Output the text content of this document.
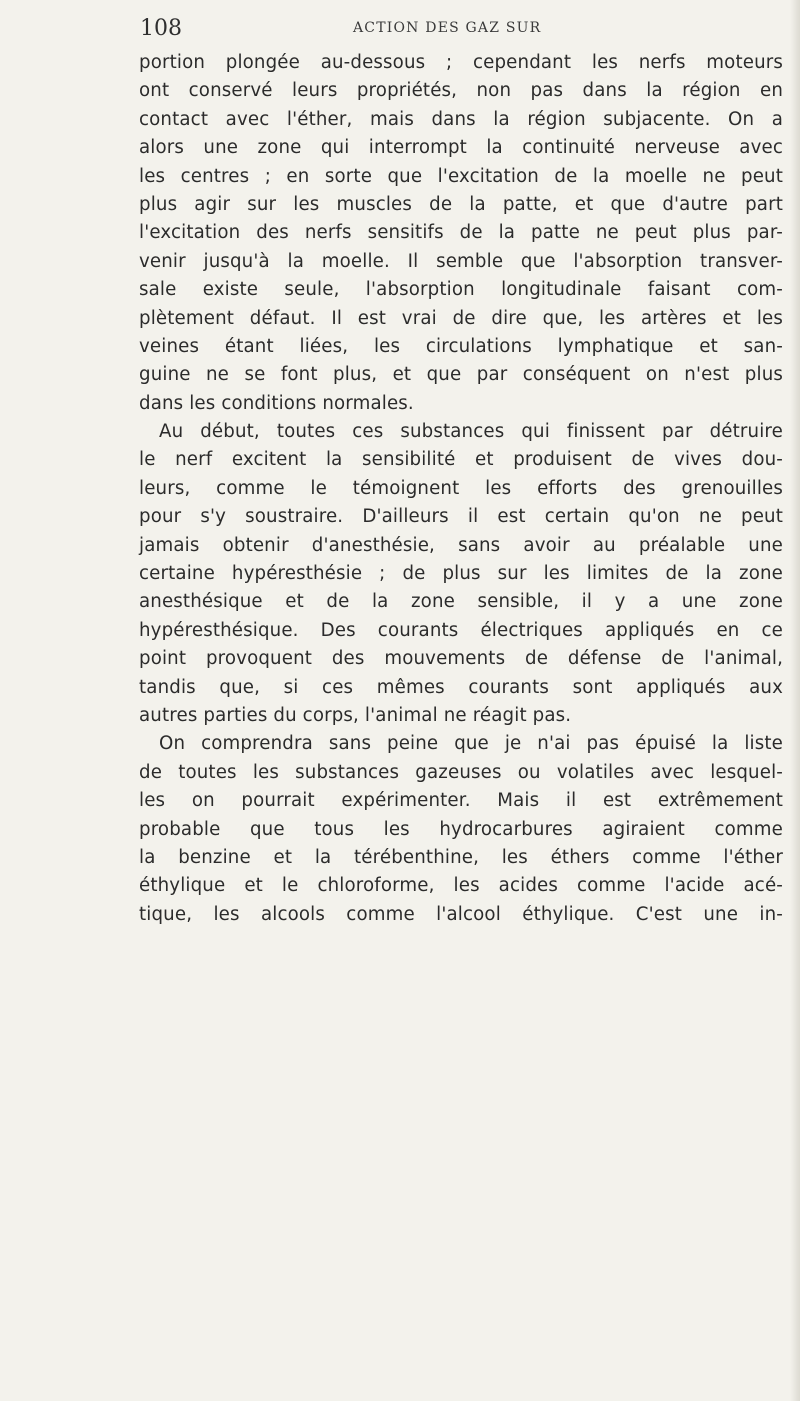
108	ACTION DES GAZ SUR
portion plongée au-dessous ; cependant les nerfs moteurs
ont conservé leurs propriétés, non pas dans la région en
contact avec l'éther, mais dans la région subjacente. On a
alors une zone qui interrompt la continuité nerveuse avec
les centres ; en sorte que l'excitation de la moelle ne peut
plus agir sur les muscles de la patte, et que d'autre part
l'excitation des nerfs sensitifs de la patte ne peut plus par-
venir jusqu'à la moelle. Il semble que l'absorption transver-
sale existe seule, l'absorption longitudinale faisant com-
plètement défaut. Il est vrai de dire que, les artères et les
veines étant liées, les circulations lymphatique et san-
guine ne se font plus, et que par conséquent on n'est plus
dans les conditions normales.
Au début, toutes ces substances qui finissent par détruire
le nerf excitent la sensibilité et produisent de vives dou-
leurs, comme le témoignent les efforts des grenouilles
pour s'y soustraire. D'ailleurs il est certain qu'on ne peut
jamais obtenir d'anesthésie, sans avoir au préalable une
certaine hypéresthésie ; de plus sur les limites de la zone
anesthésique et de la zone sensible, il y a une zone
hypéresthésique. Des courants électriques appliqués en ce
point provoquent des mouvements de défense de l'animal,
tandis que, si ces mêmes courants sont appliqués aux
autres parties du corps, l'animal ne réagit pas.
On comprendra sans peine que je n'ai pas épuisé la liste
de toutes les substances gazeuses ou volatiles avec lesquel-
les on pourrait expérimenter. Mais il est extrêmement
probable que tous les hydrocarbures agiraient comme
la benzine et la térébenthine, les éthers comme l'éther
éthylique et le chloroforme, les acides comme l'acide acé-
tique, les alcools comme l'alcool éthylique. C'est une in-
